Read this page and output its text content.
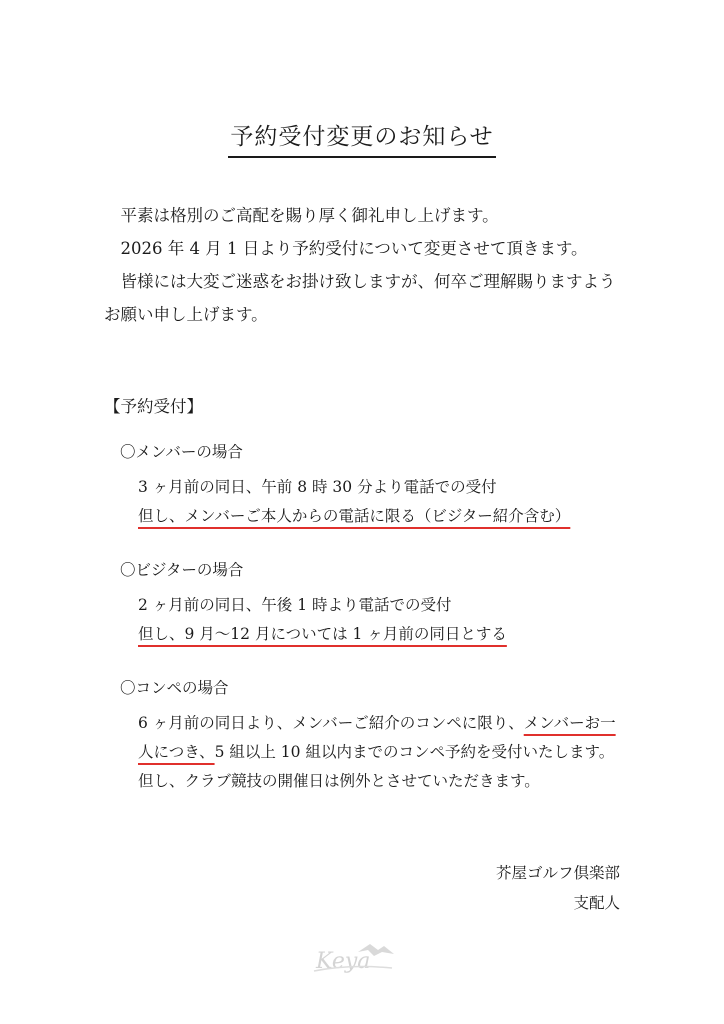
予約受付変更のお知らせ

平素は格別のご高配を賜り厚く御礼申し上げます。

2026 年 4 月 1 日より予約受付について変更させて頂きます。

皆様には大変ご迷惑をお掛け致しますが、何卒ご理解賜りますようお願い申し上げます。

【予約受付】
〇メンバーの場合

3 ヶ月前の同日、午前 8 時 30 分より電話での受付

但し、メンバーご本人からの電話に限る（ビジター紹介含む）

〇ビジターの場合

2 ヶ月前の同日、午後 1 時より電話での受付

但し、9 月〜12 月については 1 ヶ月前の同日とする

〇コンペの場合

6 ヶ月前の同日より、メンバーご紹介のコンペに限り、メンバーお一人につき、5 組以上 10 組以内までのコンペ予約を受付いたします。

但し、クラブ競技の開催日は例外とさせていただきます。

芥屋ゴルフ倶楽部
支配人
Keya
